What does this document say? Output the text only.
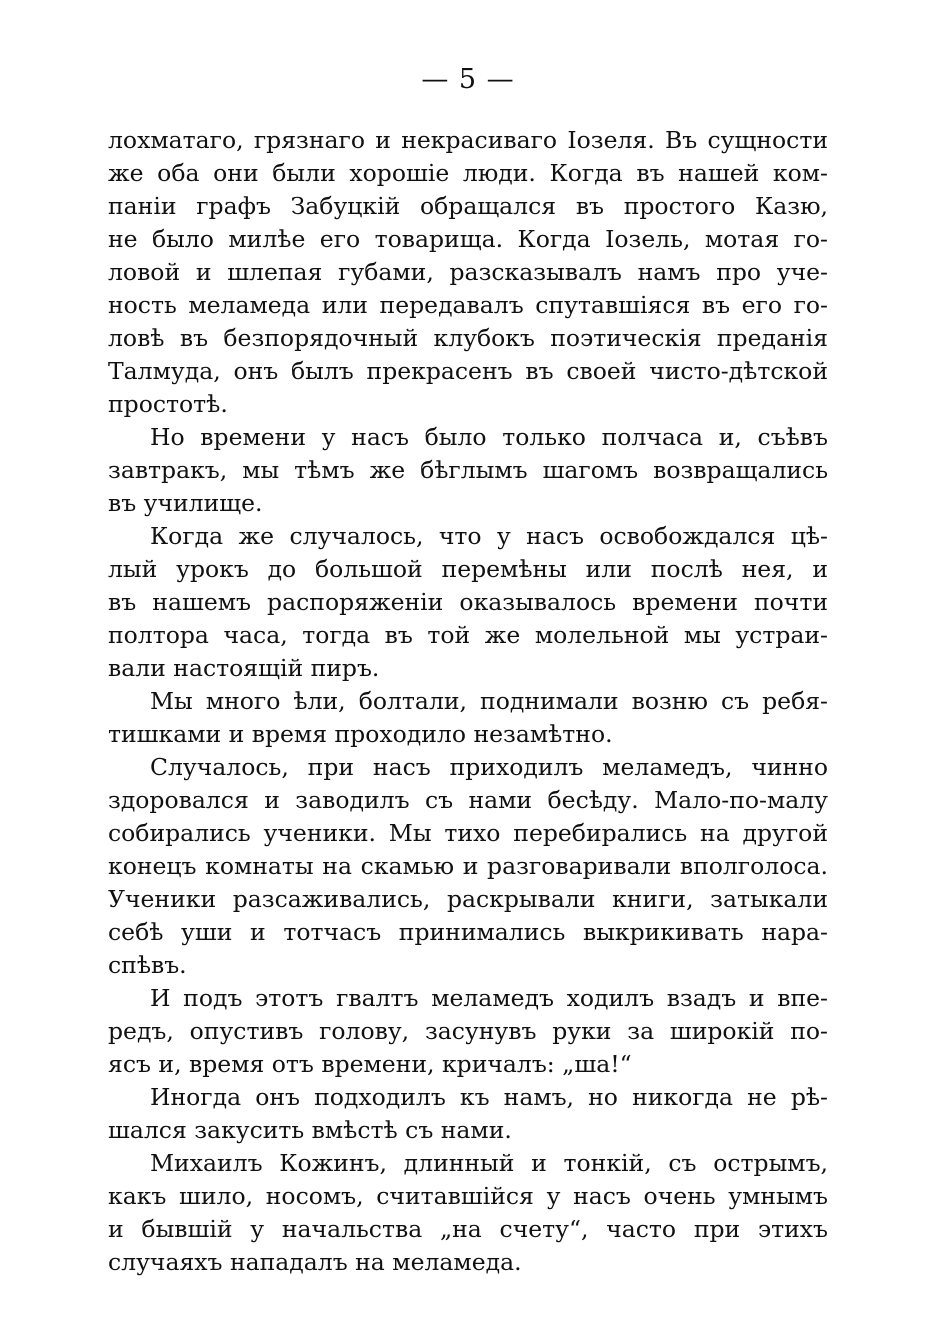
— 5 —
лохматаго, грязнаго и некрасиваго Іозеля. Въ сущности
же оба они были хорошіе люди. Когда въ нашей ком-
паніи графъ Забуцкій обращался въ простого Казю,
не было милѣе его товарища. Когда Іозель, мотая го-
ловой и шлепая губами, разсказывалъ намъ про уче-
ность меламеда или передавалъ спутавшіяся въ его го-
ловѣ въ безпорядочный клубокъ поэтическія преданія
Талмуда, онъ былъ прекрасенъ въ своей чисто-дѣтской
простотѣ.
Но времени у насъ было только полчаса и, съѣвъ
завтракъ, мы тѣмъ же бѣглымъ шагомъ возвращались
въ училище.
Когда же случалось, что у насъ освобождался цѣ-
лый урокъ до большой перемѣны или послѣ нея, и
въ нашемъ распоряженіи оказывалось времени почти
полтора часа, тогда въ той же молельной мы устраи-
вали настоящій пиръ.
Мы много ѣли, болтали, поднимали возню съ ребя-
тишками и время проходило незамѣтно.
Случалось, при насъ приходилъ меламедъ, чинно
здоровался и заводилъ съ нами бесѣду. Мало-по-малу
собирались ученики. Мы тихо перебирались на другой
конецъ комнаты на скамью и разговаривали вполголоса.
Ученики разсаживались, раскрывали книги, затыкали
себѣ уши и тотчасъ принимались выкрикивать нара-
спѣвъ.
И подъ этотъ гвалтъ меламедъ ходилъ взадъ и впе-
редъ, опустивъ голову, засунувъ руки за широкій по-
ясъ и, время отъ времени, кричалъ: „ша!“
Иногда онъ подходилъ къ намъ, но никогда не рѣ-
шался закусить вмѣстѣ съ нами.
Михаилъ Кожинъ, длинный и тонкій, съ острымъ,
какъ шило, носомъ, считавшійся у насъ очень умнымъ
и бывшій у начальства „на счету“, часто при этихъ
случаяхъ нападалъ на меламеда.
